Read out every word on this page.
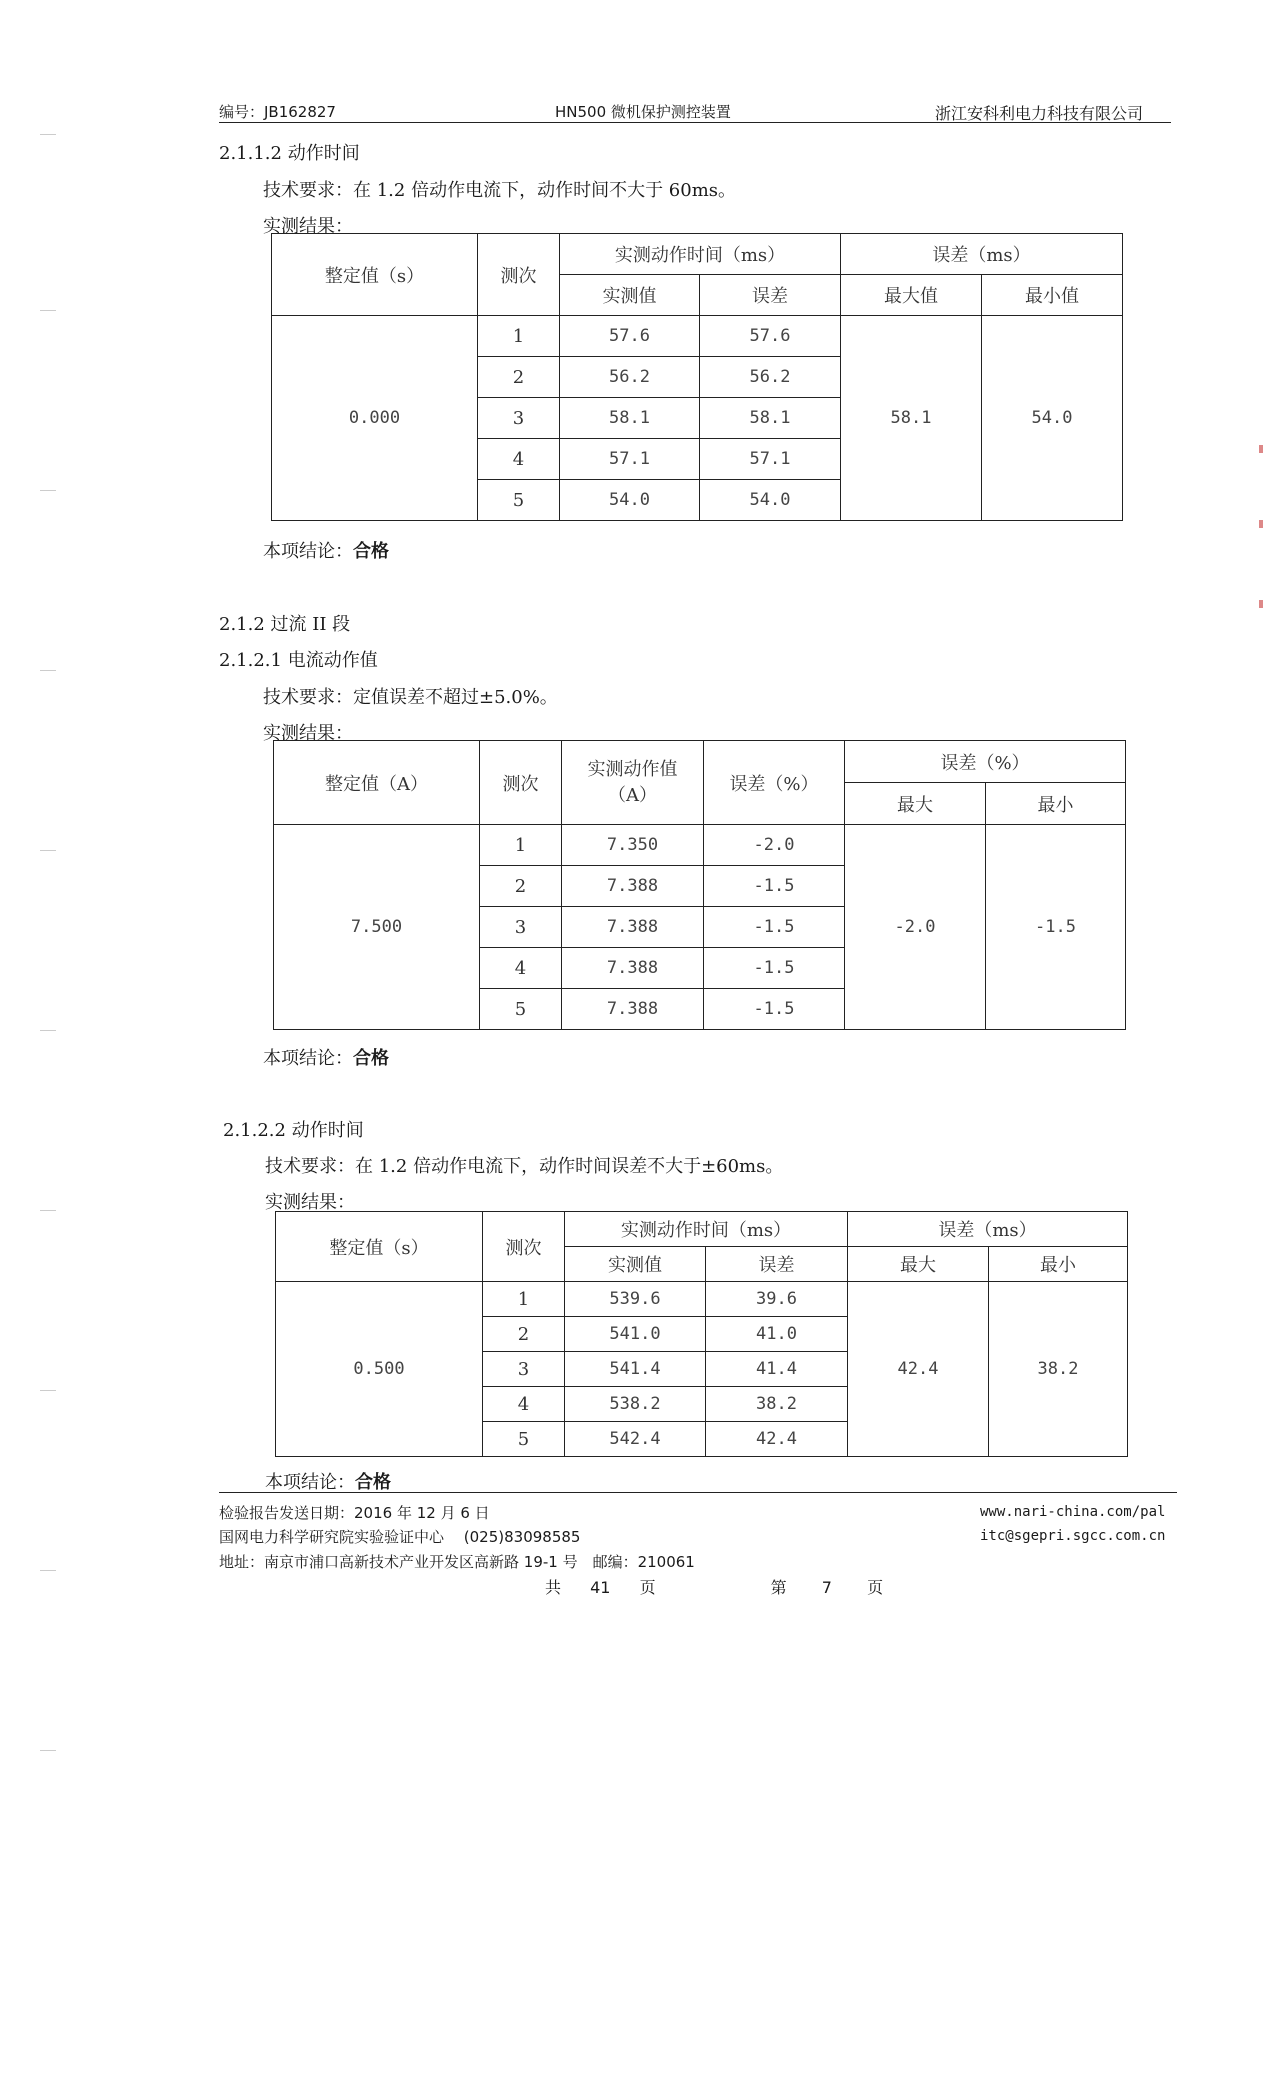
编号：JB162827	HN500 微机保护测控装置	浙江安科利电力科技有限公司
2.1.1.2 动作时间
技术要求：在 1.2 倍动作电流下，动作时间不大于 60ms。
实测结果：
整定值（s）	测次	实测动作时间（ms）		误差（ms）	
		实测值	误差	最大值	最小值
0.000	1	57.6	57.6	58.1	54.0
	2	56.2	56.2		
	3	58.1	58.1		
	4	57.1	57.1		
	5	54.0	54.0		
本项结论：合格
2.1.2 过流 II 段
2.1.2.1 电流动作值
技术要求：定值误差不超过±5.0%。
实测结果：
整定值（A）	测次	实测动作值（A）	误差（%）	误差（%）	
				最大	最小
7.500	1	7.350	-2.0	-2.0	-1.5
	2	7.388	-1.5		
	3	7.388	-1.5		
	4	7.388	-1.5		
	5	7.388	-1.5		
本项结论：合格
2.1.2.2 动作时间
技术要求：在 1.2 倍动作电流下，动作时间误差不大于±60ms。
实测结果：
整定值（s）	测次	实测动作时间（ms）		误差（ms）	
		实测值	误差	最大	最小
0.500	1	539.6	39.6	42.4	38.2
	2	541.0	41.0		
	3	541.4	41.4		
	4	538.2	38.2		
	5	542.4	42.4		
本项结论：合格
检验报告发送日期：2016 年 12 月 6 日
国网电力科学研究院实验验证中心　 (025)83098585
地址：南京市浦口高新技术产业开发区高新路 19-1 号　邮编：210061
www.nari-china.com/pal
itc@sgepri.sgcc.com.cn
共 41 页	第 7 页
